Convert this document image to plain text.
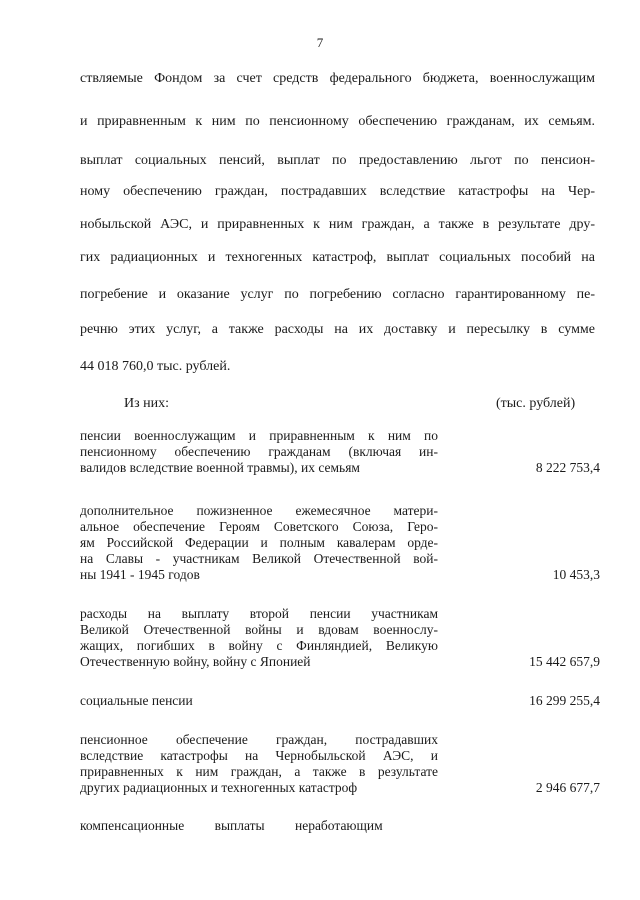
7
ствляемые Фондом за счет средств федерального бюджета, военнослужащим
и приравненным к ним по пенсионному обеспечению гражданам, их семьям.
выплат социальных пенсий, выплат по предоставлению льгот по пенсион-
ному обеспечению граждан, пострадавших вследствие катастрофы на Чер-
нобыльской АЭС, и приравненных к ним граждан, а также в результате дру-
гих радиационных и техногенных катастроф, выплат социальных пособий на
погребение и оказание услуг по погребению согласно гарантированному пе-
речню этих услуг, а также расходы на их доставку и пересылку в сумме
44 018 760,0 тыс. рублей.
Из них:	(тыс. рублей)
пенсии военнослужащим и приравненным к ним по
пенсионному обеспечению гражданам (включая ин-
валидов вследствие военной травмы), их семьям	8 222 753,4
дополнительное пожизненное ежемесячное матери-
альное обеспечение Героям Советского Союза, Геро-
ям Российской Федерации и полным кавалерам орде-
на Славы - участникам Великой Отечественной вой-
ны 1941 - 1945 годов	10 453,3
расходы на выплату второй пенсии участникам
Великой Отечественной войны и вдовам военнослу-
жащих, погибших в войну с Финляндией, Великую
Отечественную войну, войну с Японией	15 442 657,9
социальные пенсии	16 299 255,4
пенсионное обеспечение граждан, пострадавших
вследствие катастрофы на Чернобыльской АЭС, и
приравненных к ним граждан, а также в результате
других радиационных и техногенных катастроф	2 946 677,7
компенсационные         выплаты         неработающим
